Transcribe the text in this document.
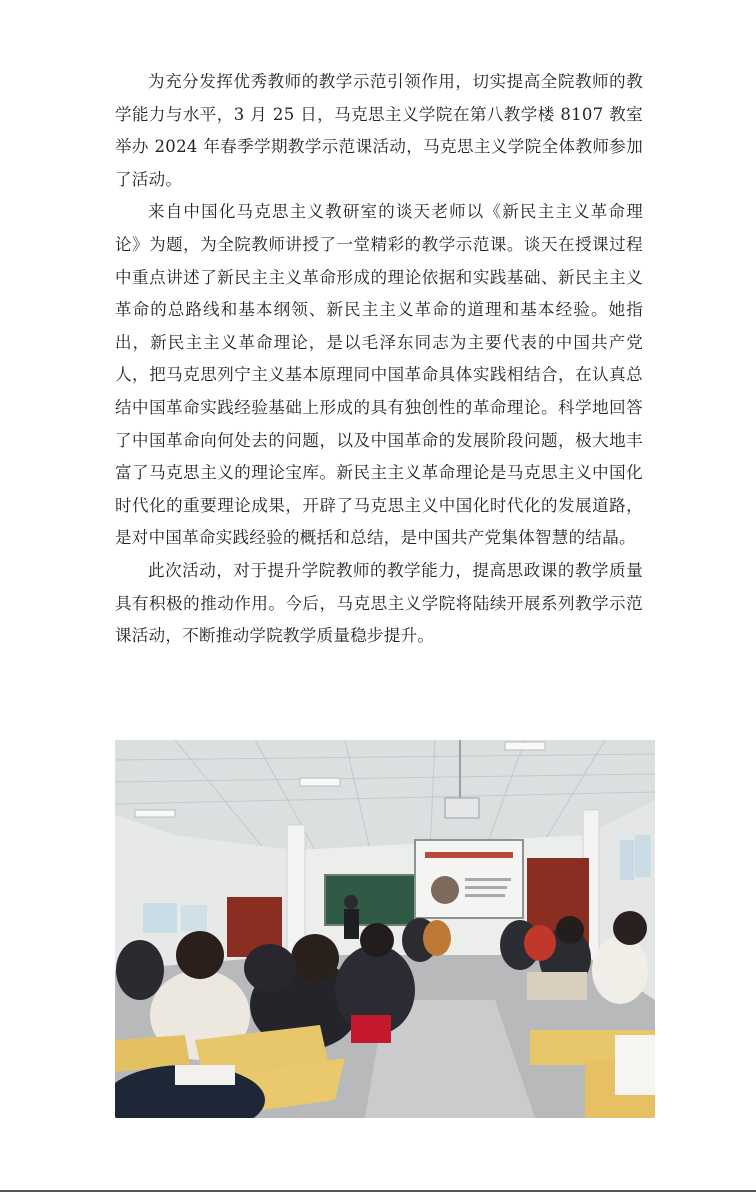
为充分发挥优秀教师的教学示范引领作用，切实提高全院教师的教学能力与水平，3 月 25 日，马克思主义学院在第八教学楼 8107 教室举办 2024 年春季学期教学示范课活动，马克思主义学院全体教师参加了活动。

来自中国化马克思主义教研室的谈天老师以《新民主主义革命理论》为题，为全院教师讲授了一堂精彩的教学示范课。谈天在授课过程中重点讲述了新民主主义革命形成的理论依据和实践基础、新民主主义革命的总路线和基本纲领、新民主主义革命的道理和基本经验。她指出，新民主主义革命理论，是以毛泽东同志为主要代表的中国共产党人，把马克思列宁主义基本原理同中国革命具体实践相结合，在认真总结中国革命实践经验基础上形成的具有独创性的革命理论。科学地回答了中国革命向何处去的问题，以及中国革命的发展阶段问题，极大地丰富了马克思主义的理论宝库。新民主主义革命理论是马克思主义中国化时代化的重要理论成果，开辟了马克思主义中国化时代化的发展道路，是对中国革命实践经验的概括和总结，是中国共产党集体智慧的结晶。

此次活动，对于提升学院教师的教学能力，提高思政课的教学质量具有积极的推动作用。今后，马克思主义学院将陆续开展系列教学示范课活动，不断推动学院教学质量稳步提升。
